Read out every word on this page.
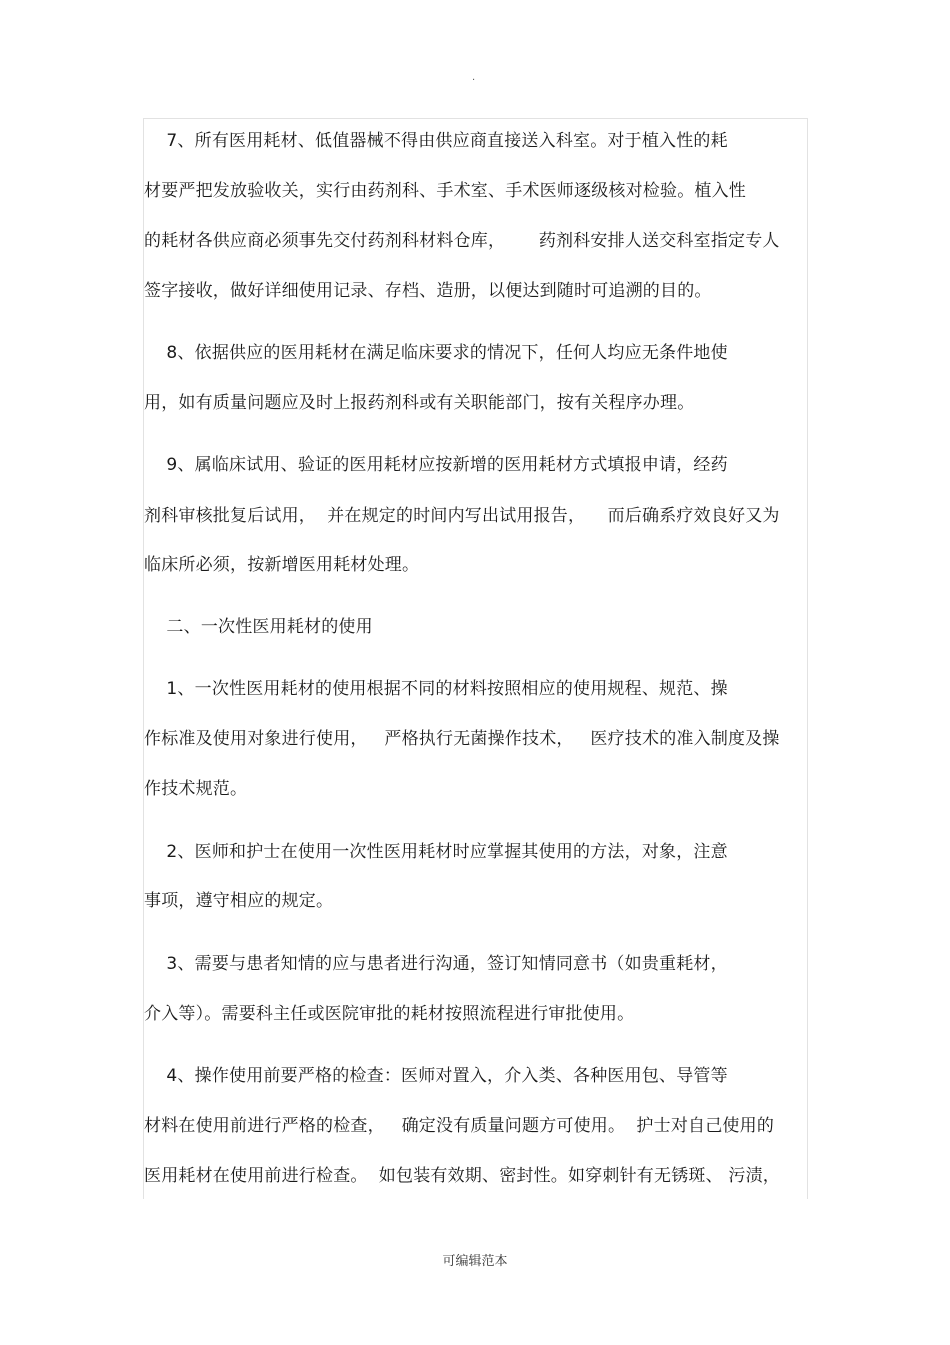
.
7、所有医用耗材、低值器械不得由供应商直接送入科室。对于植入性的耗
材要严把发放验收关，实行由药剂科、手术室、手术医师逐级核对检验。植入性
的耗材各供应商必须事先交付药剂科材料仓库，      药剂科安排人送交科室指定专人
签字接收，做好详细使用记录、存档、造册，以便达到随时可追溯的目的。
8、依据供应的医用耗材在满足临床要求的情况下，任何人均应无条件地使
用，如有质量问题应及时上报药剂科或有关职能部门，按有关程序办理。
9、属临床试用、验证的医用耗材应按新增的医用耗材方式填报申请，经药
剂科审核批复后试用，  并在规定的时间内写出试用报告，    而后确系疗效良好又为
临床所必须，按新增医用耗材处理。
二、一次性医用耗材的使用
1、一次性医用耗材的使用根据不同的材料按照相应的使用规程、规范、操
作标准及使用对象进行使用，   严格执行无菌操作技术，   医疗技术的准入制度及操
作技术规范。
2、医师和护士在使用一次性医用耗材时应掌握其使用的方法，对象，注意
事项，遵守相应的规定。
3、需要与患者知情的应与患者进行沟通，签订知情同意书（如贵重耗材，
介入等）。需要科主任或医院审批的耗材按照流程进行审批使用。
4、操作使用前要严格的检查：医师对置入，介入类、各种医用包、导管等
材料在使用前进行严格的检查，   确定没有质量问题方可使用。  护士对自己使用的
医用耗材在使用前进行检查。  如包装有效期、密封性。如穿刺针有无锈斑、 污渍，
可编辑范本
